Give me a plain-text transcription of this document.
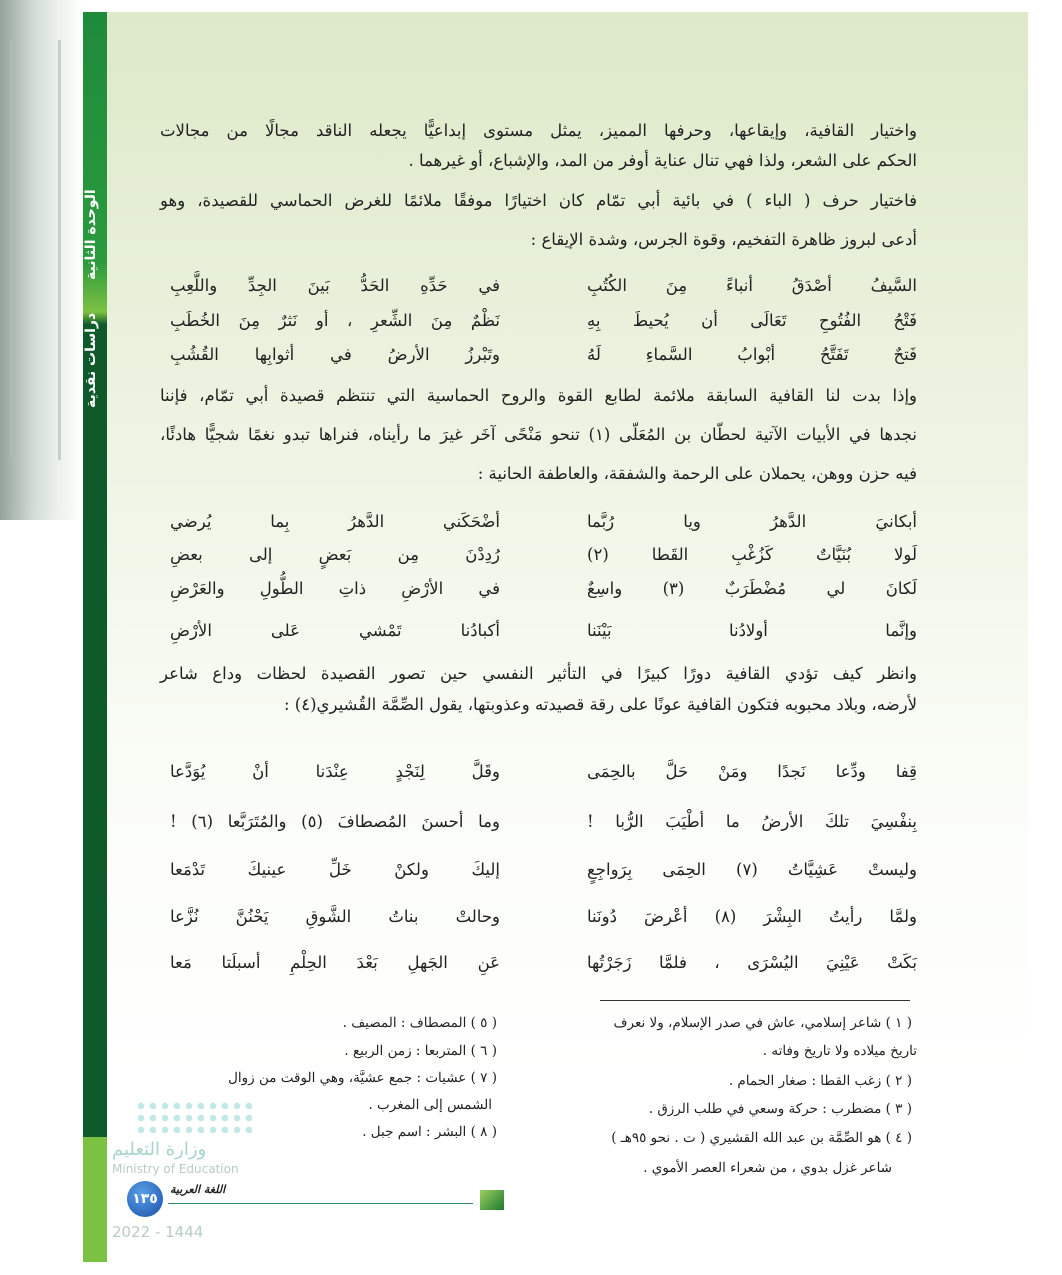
الوحدة الثانية
دراسات نقدية
واختيار القافية، وإيقاعها، وحرفها المميز، يمثل مستوى إبداعيًّا يجعله الناقد مجالًا من مجالات
الحكم على الشعر، ولذا فهي تنال عناية أوفر من المد، والإشباع، أو غيرهما .
فاختيار حرف ( الباء ) في بائية أبي تمّام كان اختيارًا موفقًا ملائمًا للغرض الحماسي للقصيدة، وهو
أدعى لبروز ظاهرة التفخيم، وقوة الجرس، وشدة الإيقاع :
وإذا بدت لنا القافية السابقة ملائمة لطابع القوة والروح الحماسية التي تنتظم قصيدة أبي تمّام، فإننا
نجدها في الأبيات الآتية لحطّان بن المُعَلّى (١) تنحو مَنْحًى آخَر غيرَ ما رأيناه، فنراها تبدو نغمًا شجيًّا هادئًا،
فيه حزن ووهن، يحملان على الرحمة والشفقة، والعاطفة الحانية :
وانظر كيف تؤدي القافية دورًا كبيرًا في التأثير النفسي حين تصور القصيدة لحظات وداع شاعر
لأرضه، وبلاد محبوبه فتكون القافية عونًا على رقة قصيدته وعذوبتها، يقول الصِّمَّة القُشيري(٤) :
السَّيفُ أصْدَقُ أنباءً مِنَ الكُتُبِ
في حَدِّهِ الحَدُّ بَينَ الجِدِّ واللَّعِبِ
فَتْحُ الفُتُوحِ تَعَالَى أن يُحيطَ بِهِ
نَظْمٌ مِنَ الشِّعرِ ، أو نَثرٌ مِنَ الخُطَبِ
فَتحٌ تَفَتَّحُ أبْوابُ السَّماءِ لَهُ
وتَبْرزُ الأرضُ في أثوابِها القُشُبِ
أبكانيَ الدَّهرُ ويا رُبَّما
أضْحَكَني الدَّهرُ بِما يُرضي
لَولا بُنَيَّاتٌ كَزُغْبِ القَطا (٢)
رُدِدْنَ مِن بَعضٍ إلى بعضِ
لَكانَ لي مُضْطَرَبٌ (٣) واسِعٌ
في الأرْضِ ذاتِ الطُّولِ والعَرْضِ
وإنَّما أولادُنا بَيْنَنا
أكبادُنا تَمْشي عَلى الأرْضِ
قِفا ودِّعا نَجدًا ومَنْ حَلَّ بالحِمَى
وقَلَّ لِنَجْدٍ عِنْدَنا أنْ يُوَدَّعا
بِنفْسِيَ تلكَ الأرضُ ما أطْيَبَ الرُّبا !
وما أحسنَ المُصطافَ (٥) والمُتَرَبَّعا (٦) !
وليستْ عَشِيَّاتُ (٧) الحِمَى بِرَواجِعٍ
إليكَ ولكنْ خَلِّ عينيكَ تَدْمَعا
ولمَّا رأيتُ البِشْرَ (٨) أعْرضَ دُونَنا
وحالتْ بناتُ الشَّوقِ يَحْنُنَّ نُزَّعا
بَكَتْ عَيْنِيَ اليُسْرَى ، فلمَّا زَجَرْتُها
عَنِ الجَهلِ بَعْدَ الحِلْمِ أسبلَتا مَعا
( ١ ) شاعر إسلامي، عاش في صدر الإسلام، ولا نعرف
تاريخ ميلاده ولا تاريخ وفاته .
( ٢ ) زغب القطا : صغار الحمام .
( ٣ ) مضطرب : حركة وسعي في طلب الرزق .
( ٤ ) هو الصِّمَّة بن عبد الله القشيري ( ت . نحو ٩٥هـ )
شاعر غزل بدوي ، من شعراء العصر الأموي .
( ٥ ) المصطاف : المصيف .
( ٦ ) المتربعا : زمن الربيع .
( ٧ ) عشيات : جمع عشيَّة، وهي الوقت من زوال
الشمس إلى المغرب .
( ٨ ) البشر : اسم جبل .
١٣٥
اللغة العربية
وزارة التعليم
Ministry of Education
2022 - 1444
